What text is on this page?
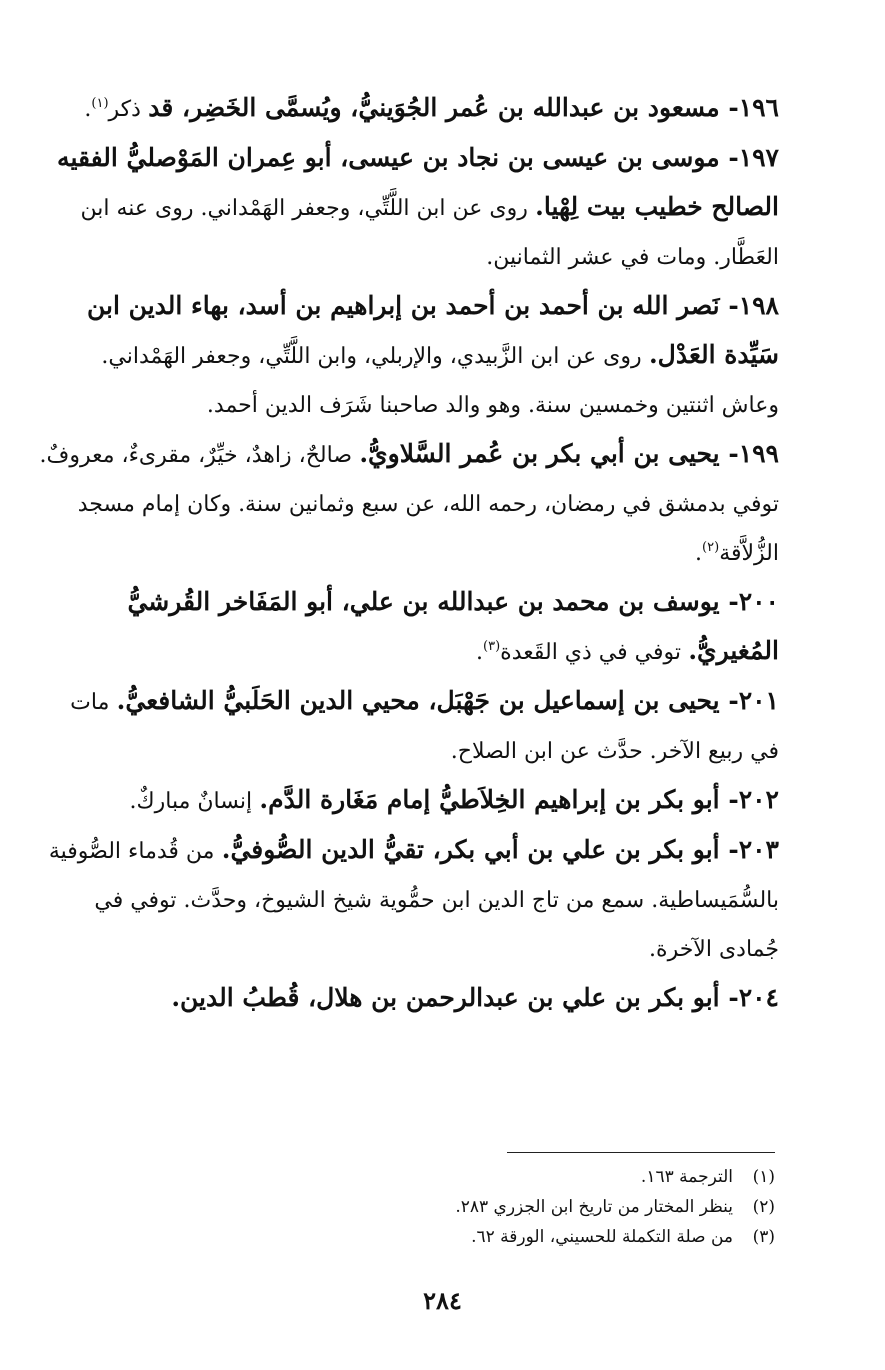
١٩٦- مسعود بن عبدالله بن عُمر الجُوَينيُّ، ويُسمَّى الخَضِر، قد ذكر$^{(١)}$.

١٩٧- موسى بن عيسى بن نجاد بن عيسى، أبو عِمران المَوْصليُّ الفقيه الصالح خطيب بيت لِهْيا. روى عن ابن اللَّتِّي، وجعفر الهَمْداني. روى عنه ابن العَطَّار. ومات في عشر الثمانين.

١٩٨- نَصر الله بن أحمد بن أحمد بن إبراهيم بن أسد، بهاء الدين ابن سَيِّدة العَدْل. روى عن ابن الزَّبيدي، والإربلي، وابن اللَّتِّي، وجعفر الهَمْداني. وعاش اثنتين وخمسين سنة. وهو والد صاحبنا شَرَف الدين أحمد.

١٩٩- يحيى بن أبي بكر بن عُمر السَّلاويُّ. صالحٌ، زاهدٌ، خيِّرٌ، مقرىءٌ، معروفٌ. توفي بدمشق في رمضان، رحمه الله، عن سبع وثمانين سنة. وكان إمام مسجد الزُّلاَّقة$^{(٢)}$.

٢٠٠- يوسف بن محمد بن عبدالله بن علي، أبو المَفَاخر القُرشيُّ المُغيريُّ. توفي في ذي القَعدة$^{(٣)}$.

٢٠١- يحيى بن إسماعيل بن جَهْبَل، محيي الدين الحَلَبيُّ الشافعيُّ. مات في ربيع الآخر. حدَّث عن ابن الصلاح.

٢٠٢- أبو بكر بن إبراهيم الخِلاَطيُّ إمام مَغَارة الدَّم. إنسانٌ مباركٌ.

٢٠٣- أبو بكر بن علي بن أبي بكر، تقيُّ الدين الصُّوفيُّ. من قُدماء الصُّوفية بالسُّمَيساطية. سمع من تاج الدين ابن حمُّوية شيخ الشيوخ، وحدَّث. توفي في جُمادى الآخرة.

٢٠٤- أبو بكر بن علي بن عبدالرحمن بن هلال، قُطبُ الدين.

(١)
الترجمة ١٦٣.
(٢)
ينظر المختار من تاريخ ابن الجزري ٢٨٣.
(٣)
من صلة التكملة للحسيني، الورقة ٦٢.
٢٨٤
